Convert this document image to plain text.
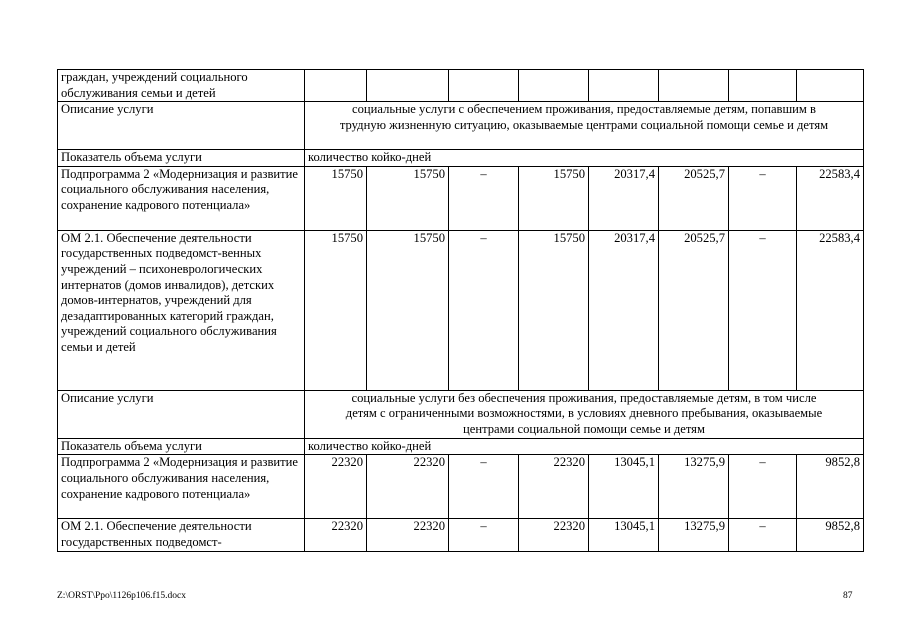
граждан, учреждений социального обслуживания семьи и детей								
Описание услуги	социальные услуги с обеспечением проживания, предоставляемые детям, попавшим в трудную жизненную ситуацию, оказываемые центрами социальной помощи семье и детям							
Показатель объема услуги	количество койко-дней							
Подпрограмма 2 «Модернизация и развитие социального обслуживания населения, сохранение кадрового потенциала»	15750	15750	–	15750	20317,4	20525,7	–	22583,4
ОМ 2.1. Обеспечение деятельности государственных подведомст-венных учреждений – психоневрологических интернатов (домов инвалидов), детских домов-интернатов, учреждений для дезадаптированных категорий граждан, учреждений социального обслуживания семьи и детей	15750	15750	–	15750	20317,4	20525,7	–	22583,4
Описание услуги	социальные услуги без обеспечения проживания, предоставляемые детям, в том числе детям с ограниченными возможностями, в условиях дневного пребывания, оказываемые центрами социальной помощи семье и детям							
Показатель объема услуги	количество койко-дней							
Подпрограмма 2 «Модернизация и развитие социального обслуживания населения, сохранение кадрового потенциала»	22320	22320	–	22320	13045,1	13275,9	–	9852,8
ОМ 2.1. Обеспечение деятельности государственных подведомст-	22320	22320	–	22320	13045,1	13275,9	–	9852,8
Z:\ORST\Ppo\1126p106.f15.docx	87
